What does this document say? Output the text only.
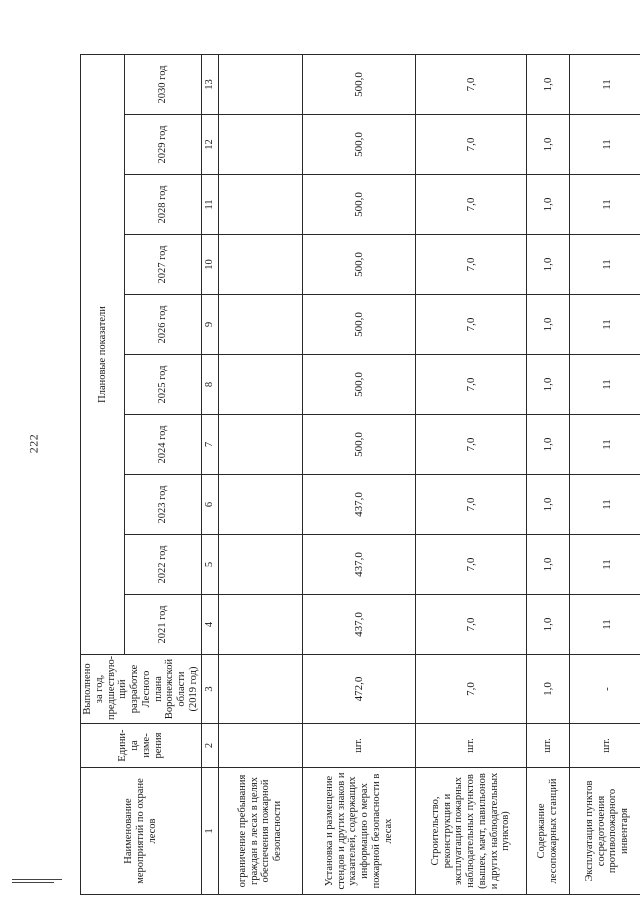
222
Наименование мероприятий по охране лесов	Едини-ца изме-рения	Выполнено за год, предшествую-щий разработке Лесного плана Воронежской области (2019 год)	Плановые показатели									
			2021 год	2022 год	2023 год	2024 год	2025 год	2026 год	2027 год	2028 год	2029 год	2030 год
1	2	3	4	5	6	7	8	9	10	11	12	13
ограничение пребывания граждан в лесах в целях обеспечения пожарной безопасности												
Установка и размещение стендов и других знаков и указателей, содержащих информацию о мерах пожарной безопасности в лесах	шт.	472,0	437,0	437,0	437,0	500,0	500,0	500,0	500,0	500,0	500,0	500,0
Строительство, реконструкция и эксплуатация пожарных наблюдательных пунктов (вышек, мачт, павильонов и других наблюдательных пунктов)	шт.	7,0	7,0	7,0	7,0	7,0	7,0	7,0	7,0	7,0	7,0	7,0
Содержание лесопожарных станций	шт.	1,0	1,0	1,0	1,0	1,0	1,0	1,0	1,0	1,0	1,0	1,0
Эксплуатация пунктов сосредоточения противопожарного инвентаря	шт.	-	11	11	11	11	11	11	11	11	11	11
